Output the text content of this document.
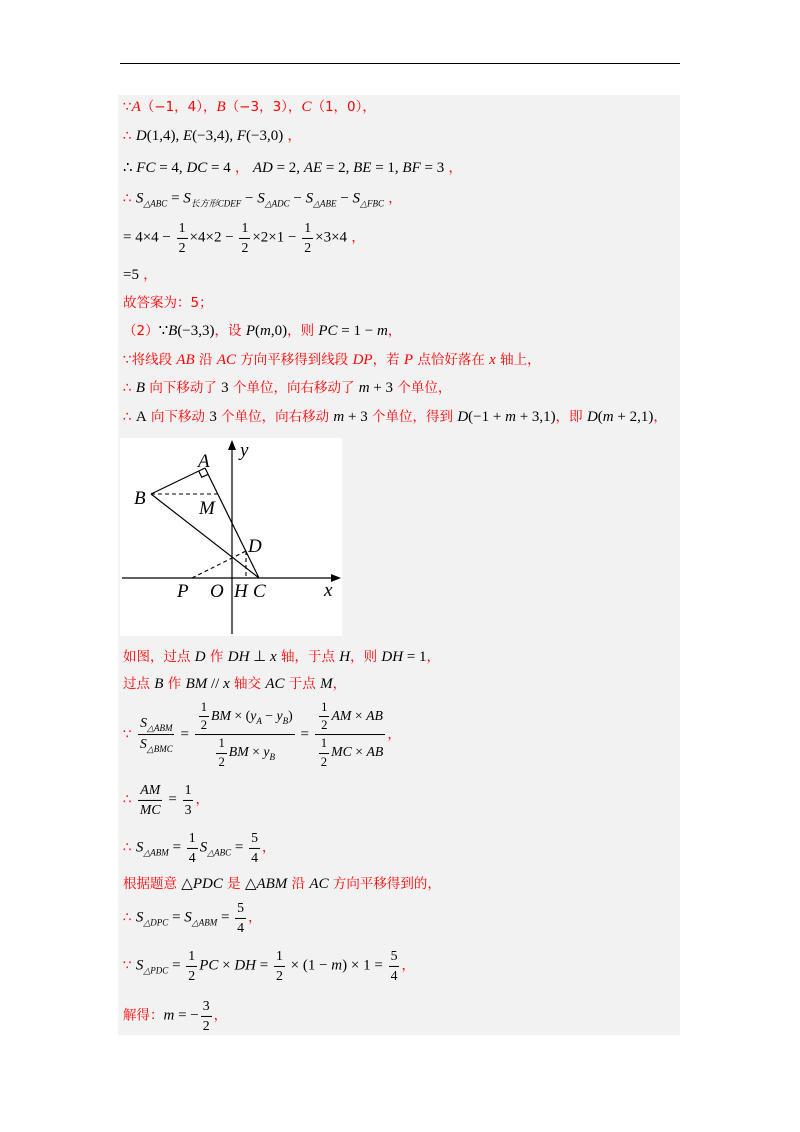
∵A（−1，4），B（−3，3），C（1，0），
∴ D(1,4), E(−3,4), F(−3,0) ，
∴ FC = 4, DC = 4 ， AD = 2, AE = 2, BE = 1, BF = 3 ，
∴ $S_{\triangle ABC} = S_{长方形CDEF} - S_{\triangle ADC} - S_{\triangle ABE} - S_{\triangle FBC}$ ，
= $4\times 4 - \frac{1}{2} \times 4\times 2 - \frac{1}{2} \times 2\times 1 - \frac{1}{2} \times 3\times 4$ ，
=5 ，
故答案为：5；
（2）∵B(−3,3)，设 P(m,0)，则 PC = 1 − m，
∵将线段 AB 沿 AC 方向平移得到线段 DP，若 P 点恰好落在 x 轴上，
∴ B 向下移动了 3 个单位，向右移动了 m + 3 个单位，
∴ A 向下移动 3 个单位，向右移动 m + 3 个单位，得到 D(−1 + m + 3,1)，即 D(m + 2,1)，
y
A
B	M
D
P O H C	x
如图，过点 D 作 DH ⊥ x 轴，于点 H，则 DH = 1，
过点 B 作 BM // x 轴交 AC 于点 M，
∵ $\frac{S_{\triangle ABM}}{S_{\triangle BMC}} = \frac{\frac{1}{2} BM \times (y_A - y_B)}{\frac{1}{2} BM \times y_B} = \frac{\frac{1}{2} AM \times AB}{\frac{1}{2} MC \times AB}$ ，
∴ $\frac{AM}{MC} = \frac{1}{3}$ ，
∴ $S_{\triangle ABM} = \frac{1}{4} S_{\triangle ABC} = \frac{5}{4}$ ，
根据题意 △PDC 是 △ABM 沿 AC 方向平移得到的，
∴ $S_{\triangle DPC} = S_{\triangle ABM} = \frac{5}{4}$ ，
∵ $S_{\triangle PDC} = \frac{1}{2}$ PC × DH = $\frac{1}{2} \times (1 - m) \times 1 = \frac{5}{4}$ ，
解得：m = − $\frac{3}{2}$ ，
